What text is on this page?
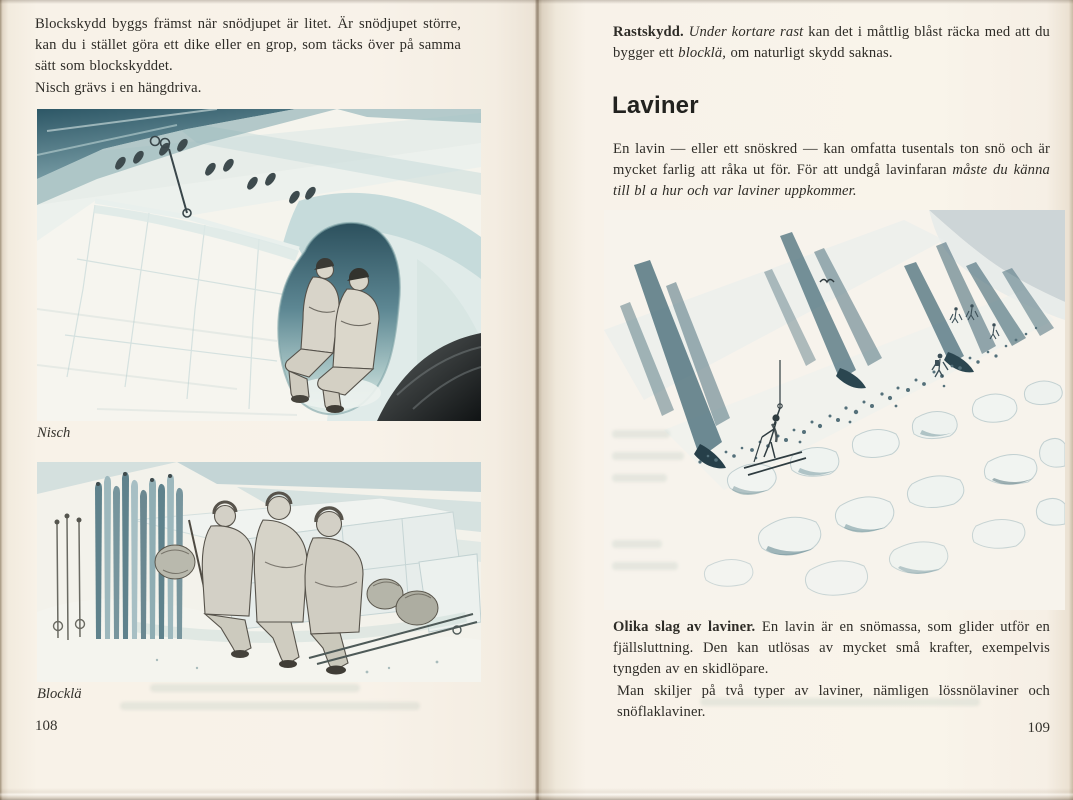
Blockskydd byggs främst när snödjupet är litet. Är snödjupet större, kan du i stället göra ett dike eller en grop, som täcks över på samma sätt som blockskyddet.

Nisch grävs i en hängdriva.

Nisch
Blocklä
108

Rastskydd. Under kortare rast kan det i måttlig blåst räcka med att du bygger ett blocklä, om naturligt skydd saknas.

Laviner

En lavin — eller ett snöskred — kan omfatta tusentals ton snö och är mycket farlig att råka ut för. För att undgå lavinfaran måste du känna till bl a hur och var laviner uppkommer.

Olika slag av laviner. En lavin är en snömassa, som glider utför en fjällsluttning. Den kan utlösas av mycket små krafter, exempelvis tyngden av en skidlöpare.

Man skiljer på två typer av laviner, nämligen lössnölaviner och snöflaklaviner.

109
